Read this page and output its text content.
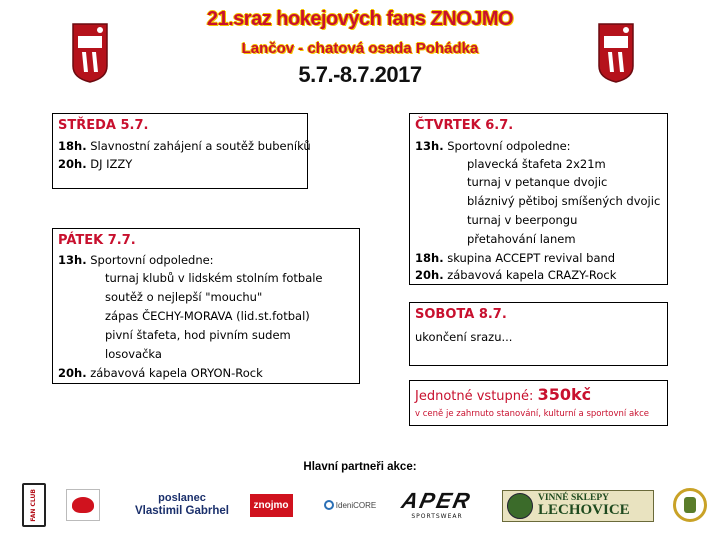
21.sraz hokejových fans ZNOJMO
Lančov - chatová osada Pohádka
5.7.-8.7.2017
STŘEDA 5.7.
18h. Slavnostní zahájení a soutěž bubeníků
20h. DJ IZZY
ČTVRTEK 6.7.
13h. Sportovní odpoledne:
plavecká štafeta 2x21m
turnaj v petanque dvojic
bláznivý pětiboj smíšených dvojic
turnaj v beerpongu
přetahování lanem
18h. skupina ACCEPT revival band
20h. zábavová kapela CRAZY-Rock
PÁTEK 7.7.
13h. Sportovní odpoledne:
turnaj klubů v lidském stolním fotbale
soutěž o nejlepší "mouchu"
zápas ČECHY-MORAVA (lid.st.fotbal)
pivní štafeta, hod pivním sudem
losovačka
20h. zábavová kapela ORYON-Rock
SOBOTA 8.7.
ukončení srazu...
Jednotné vstupné: 350kč
v ceně je zahrnuto stanování, kulturní a sportovní akce
Hlavní partneři akce:
FAN CLUB	poslanec
Vlastimil Gabrhel	znojmo	IdeniCORE APER
SPORTSWEAR
VINNÉ SKLEPY
LECHOVICE
